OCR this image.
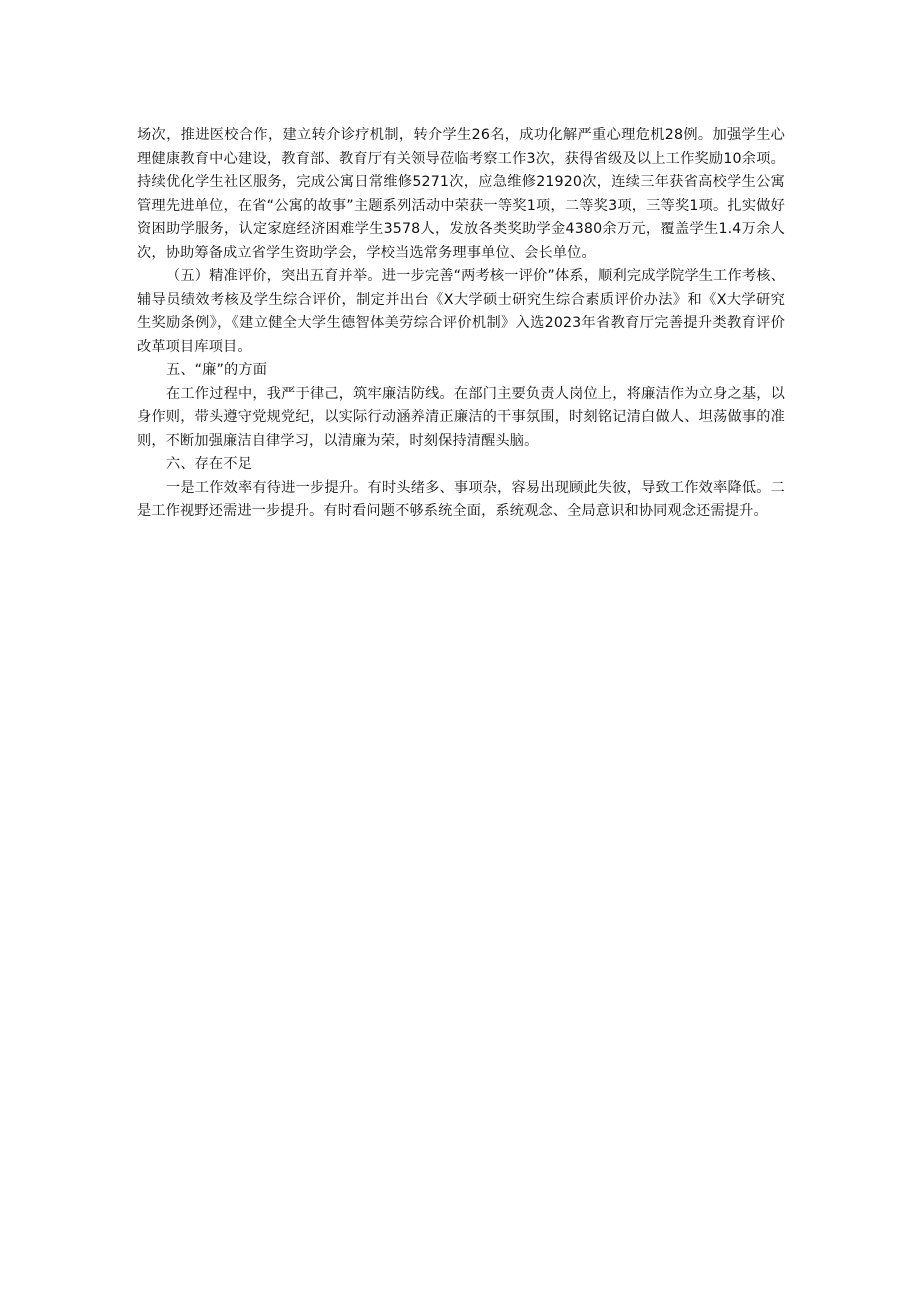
场次，推进医校合作，建立转介诊疗机制，转介学生26名，成功化解严重心理危机28例。加强学生心理健康教育中心建设，教育部、教育厅有关领导莅临考察工作3次，获得省级及以上工作奖励10余项。持续优化学生社区服务，完成公寓日常维修5271次，应急维修21920次，连续三年获省高校学生公寓管理先进单位，在省“公寓的故事”主题系列活动中荣获一等奖1项，二等奖3项，三等奖1项。扎实做好资困助学服务，认定家庭经济困难学生3578人，发放各类奖助学金4380余万元，覆盖学生1.4万余人次，协助筹备成立省学生资助学会，学校当选常务理事单位、会长单位。

（五）精准评价，突出五育并举。进一步完善“两考核一评价”体系，顺利完成学院学生工作考核、辅导员绩效考核及学生综合评价，制定并出台《X大学硕士研究生综合素质评价办法》和《X大学研究生奖励条例》，《建立健全大学生德智体美劳综合评价机制》入选2023年省教育厅完善提升类教育评价改革项目库项目。

五、“廉”的方面

在工作过程中，我严于律己，筑牢廉洁防线。在部门主要负责人岗位上，将廉洁作为立身之基，以身作则，带头遵守党规党纪，以实际行动涵养清正廉洁的干事氛围，时刻铭记清白做人、坦荡做事的准则，不断加强廉洁自律学习，以清廉为荣，时刻保持清醒头脑。

六、存在不足

一是工作效率有待进一步提升。有时头绪多、事项杂，容易出现顾此失彼，导致工作效率降低。二是工作视野还需进一步提升。有时看问题不够系统全面，系统观念、全局意识和协同观念还需提升。
